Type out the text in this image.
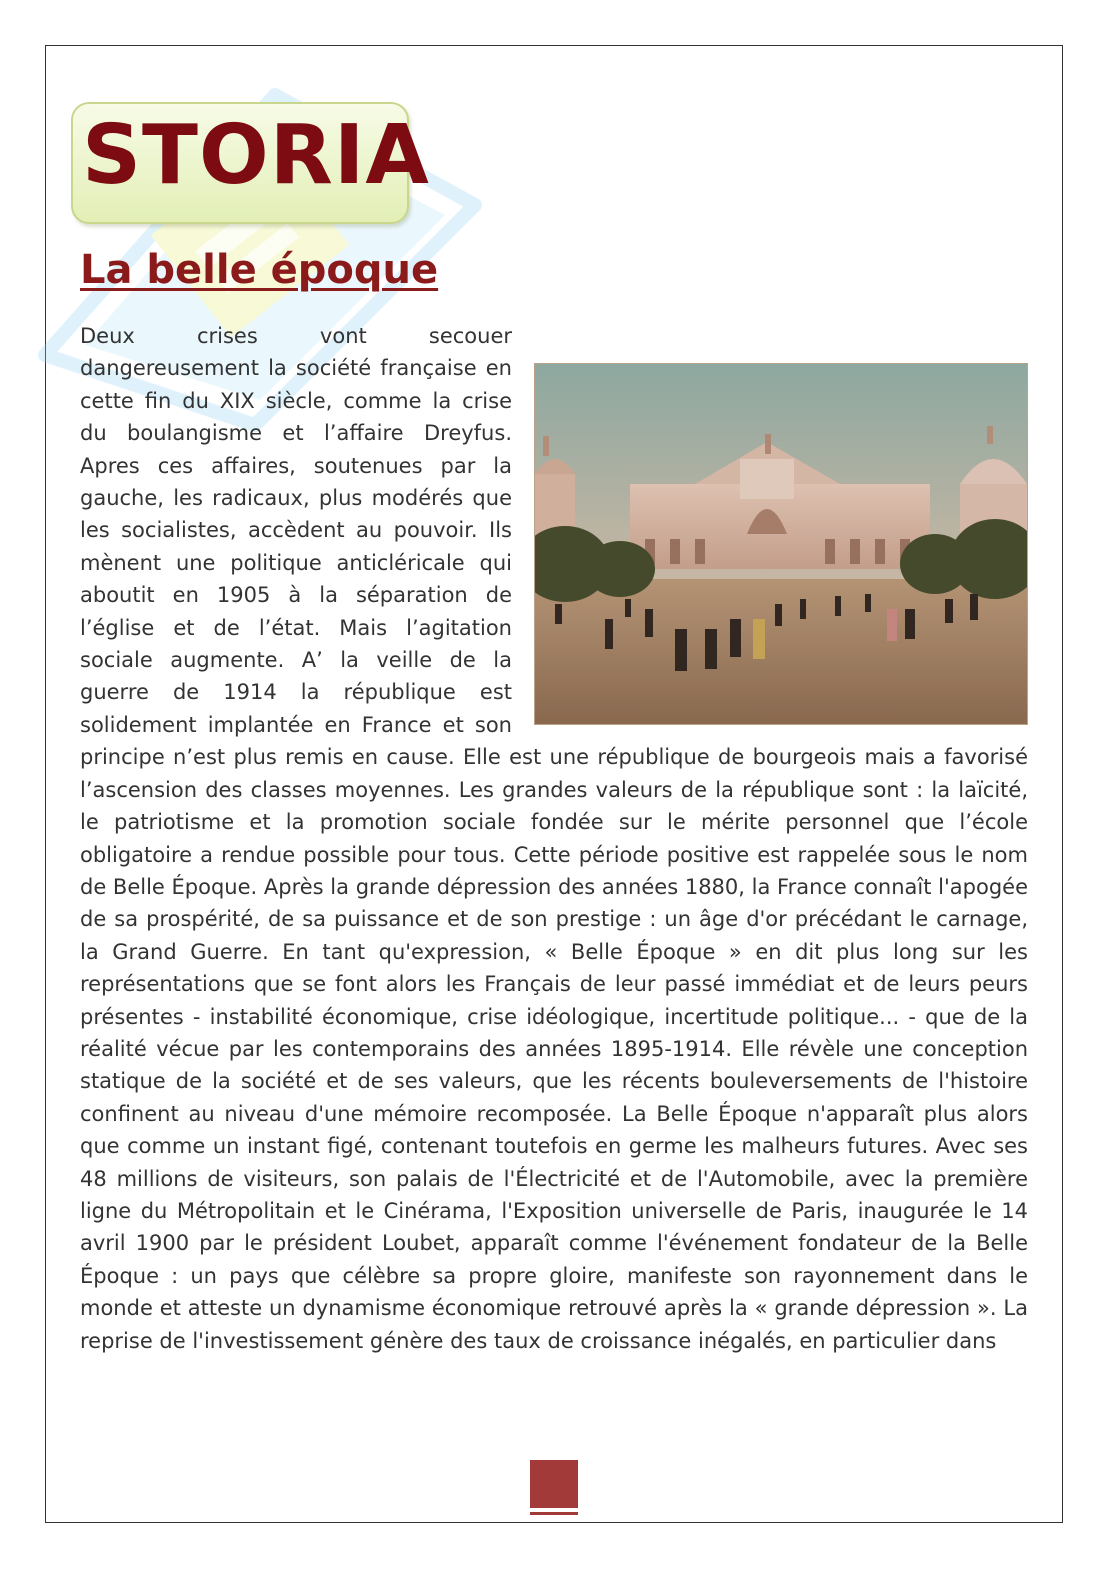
STORIA
La belle époque
Deux crises vont secouer dangereusement la société française en cette fin du XIX siècle, comme la crise du boulangisme et l’affaire Dreyfus. Apres ces affaires, soutenues par la gauche, les radicaux, plus modérés que les socialistes, accèdent au pouvoir. Ils mènent une politique anticléricale qui aboutit en 1905 à la séparation de l’église et de l’état. Mais l’agitation sociale augmente. A’ la veille de la guerre de 1914 la république est solidement implantée en France et son principe n’est plus remis en cause. Elle est une république de bourgeois mais a favorisé l’ascension des classes moyennes. Les grandes valeurs de la république sont : la laïcité, le patriotisme et la promotion sociale fondée sur le mérite personnel que l’école obligatoire a rendue possible pour tous. Cette période positive est rappelée sous le nom de Belle Époque. Après la grande dépression des années 1880, la France connaît l'apogée de sa prospérité, de sa puissance et de son prestige : un âge d'or précédant le carnage, la Grand Guerre. En tant qu'expression, « Belle Époque » en dit plus long sur les représentations que se font alors les Français de leur passé immédiat et de leurs peurs présentes - instabilité économique, crise idéologique, incertitude politique... - que de la réalité vécue par les contemporains des années 1895-1914. Elle révèle une conception statique de la société et de ses valeurs, que les récents bouleversements de l'histoire confinent au niveau d'une mémoire recomposée. La Belle Époque n'apparaît plus alors que comme un instant figé, contenant toutefois en germe les malheurs futures. Avec ses 48 millions de visiteurs, son palais de l'Électricité et de l'Automobile, avec la première ligne du Métropolitain et le Cinérama, l'Exposition universelle de Paris, inaugurée le 14 avril 1900 par le président Loubet, apparaît comme l'événement fondateur de la Belle Époque : un pays que célèbre sa propre gloire, manifeste son rayonnement dans le monde et atteste un dynamisme économique retrouvé après la « grande dépression ». La reprise de l'investissement génère des taux de croissance inégalés, en particulier dans
